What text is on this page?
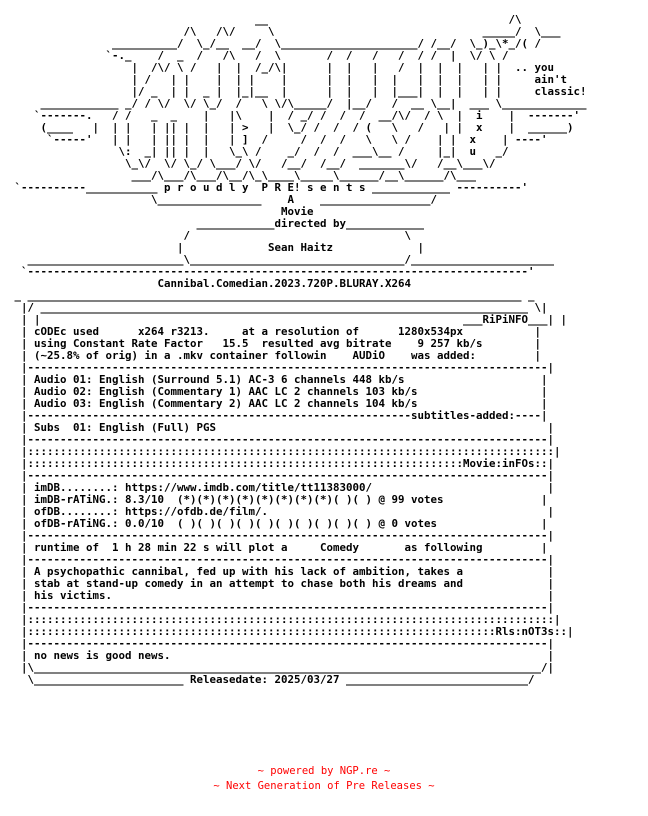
__                                     /\
/\   /\/     \                                _____/  \___
__________/  \_/__  __/  \_____________________/ /__/  \_)_\*_/( /
`-._    /  _  /   /\   /  \       /  /   /   /  / /  |  \/ \ /
|  /\/ \ /   |  |  /_/\|      |  |   |   /  |  |  |   | |  .. you
| /   | |    |  | |    |      |  |   |  |   |  |  |   | |     ain't
|/ _  | |  _ |  |_|__  |      |  |   |  |___|  |  |   | |     classic!
____________ _/ / \/  \/ \_/  /   \ \/\_____/  |__/   /  __ \__|  ___ \_____________
`-------.   / /   _  _    |   |\    |  / _/ /  /  /  __/\/  / \  |  i    |  -------'
(____   |  | |   | || |  |   | >   |  \_/ /  /  / (   \   /   | |  x    |  ______)
`-----'   | |   | || |  |   | ]  /     /  /  /   \   \ /    | |  x    | ----'
\:  _| || |  |   \_\ /    _/  /  /  ___\__ /     |_|  u   _/
\_\/  \/ \_/ \___/ \/   /__/  /__/  _______\/   /__\___\/
___/\___/\___/\__/\_\____\_____\______/__\______/\___
`----------___________ p r o u d l y  P R E! s e n t s ____________ ----------'
\________________    A    _________________/
Movie
____________directed by____________
/                                 \
|             Sean Haitz             |
________________________\_________________________________/______________________
`-----------------------------------------------------------------------------'
Cannibal.Comedian.2023.720P.BLURAY.X264
_ ____________________________________________________________________________ _
|/ ___________________________________________________________________________ \|
| |                                                                 ___RiPiNFO___| |
| cODEc used      x264 r3213.     at a resolution of      1280x534px           |
| using Constant Rate Factor   15.5  resulted avg bitrate    9 257 kb/s        |
| (~25.8% of orig) in a .mkv container followin    AUDiO    was added:         |
|--------------------------------------------------------------------------------|
| Audio 01: English (Surround 5.1) AC-3 6 channels 448 kb/s                     |
| Audio 02: English (Commentary 1) AAC LC 2 channels 103 kb/s                   |
| Audio 03: English (Commentary 2) AAC LC 2 channels 104 kb/s                   |
|-----------------------------------------------------------subtitles-added:----|
| Subs  01: English (Full) PGS                                                   |
|--------------------------------------------------------------------------------|
|:::::::::::::::::::::::::::::::::::::::::::::::::::::::::::::::::::::::::::::::::|
|:::::::::::::::::::::::::::::::::::::::::::::::::::::::::::::::::::Movie:inFOs::|
|--------------------------------------------------------------------------------|
| imDB........: https://www.imdb.com/title/tt11383000/                           |
| imDB-rATiNG.: 8.3/10  (*)(*)(*)(*)(*)(*)(*)(*)( )( ) @ 99 votes               |
| ofDB........: https://ofdb.de/film/.                                           |
| ofDB-rATiNG.: 0.0/10  ( )( )( )( )( )( )( )( )( )( ) @ 0 votes                |
|--------------------------------------------------------------------------------|
| runtime of  1 h 28 min 22 s will plot a     Comedy       as following         |
|--------------------------------------------------------------------------------|
| A psychopathic cannibal, fed up with his lack of ambition, takes a             |
| stab at stand-up comedy in an attempt to chase both his dreams and             |
| his victims.                                                                   |
|--------------------------------------------------------------------------------|
|:::::::::::::::::::::::::::::::::::::::::::::::::::::::::::::::::::::::::::::::::|
|::::::::::::::::::::::::::::::::::::::::::::::::::::::::::::::::::::::::Rls:nOT3s::|
|--------------------------------------------------------------------------------|
| no news is good news.                                                          |
|\______________________________________________________________________________/|
\_______________________ Releasedate: 2025/03/27 ____________________________/

~ powered by NGP.re ~
~ Next Generation of Pre Releases ~
